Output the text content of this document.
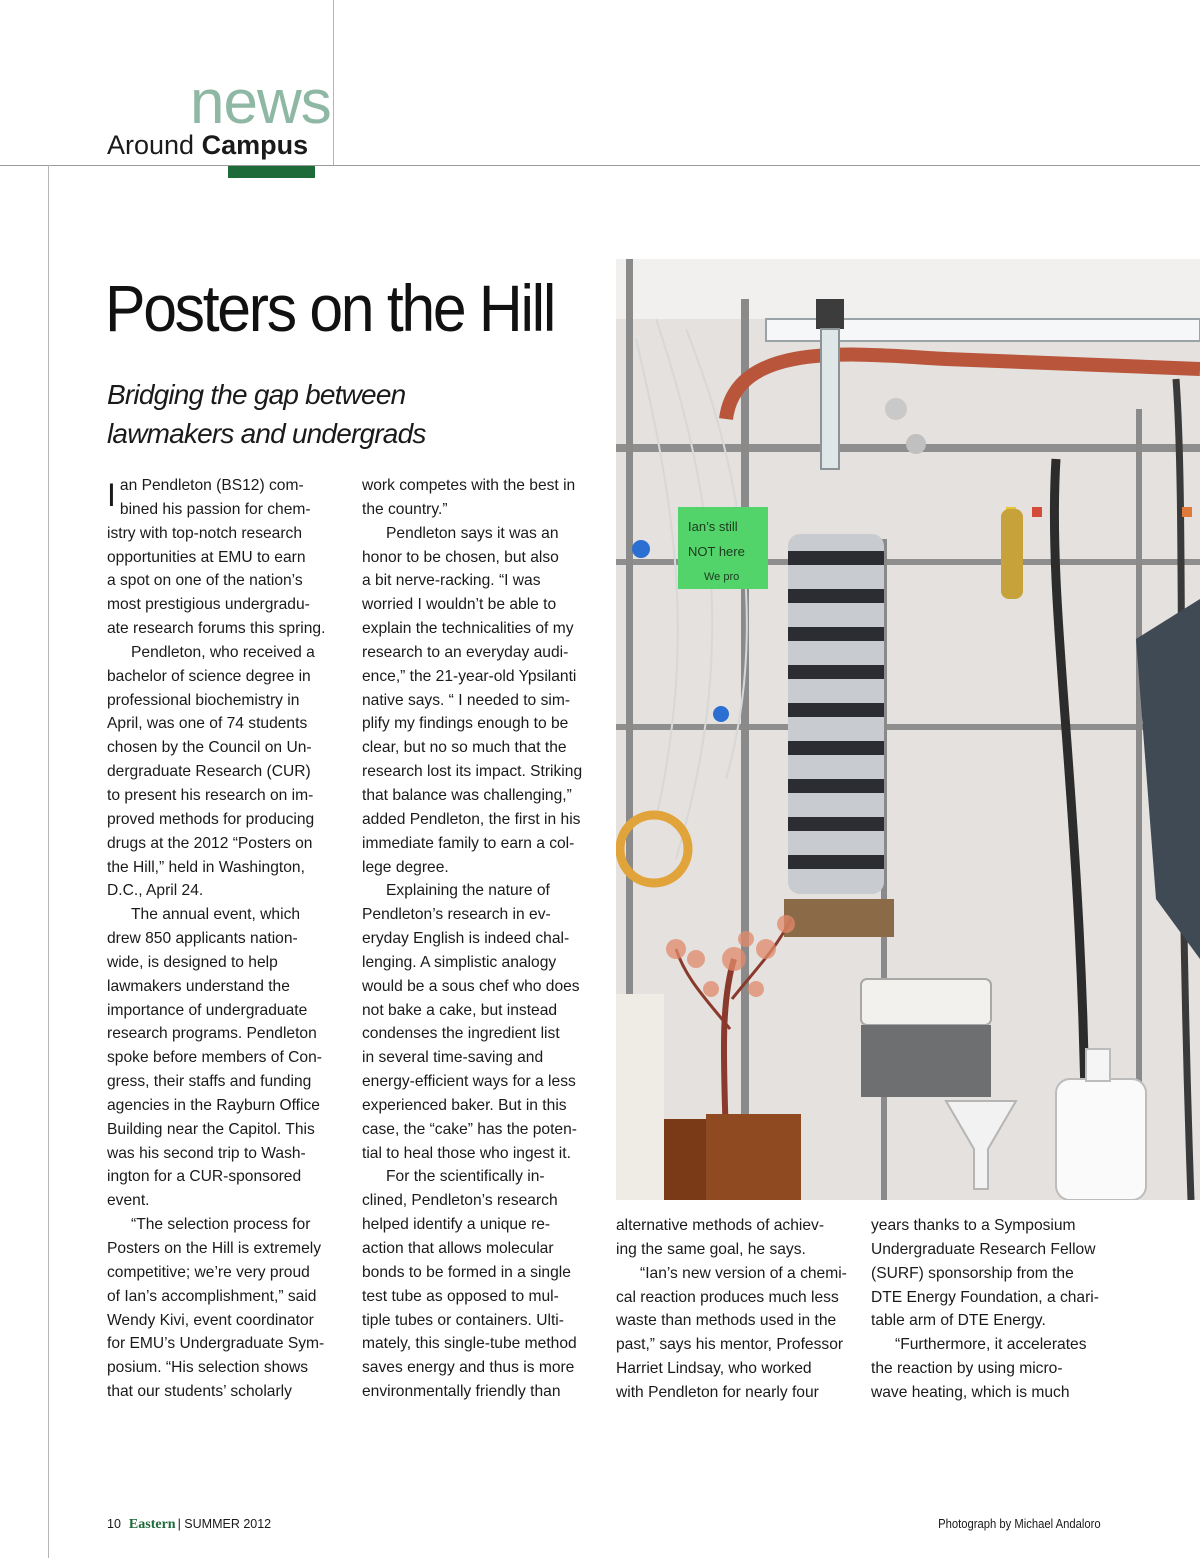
news
Around Campus
Posters on the Hill
Bridging the gap between lawmakers and undergrads
I an Pendleton (BS12) com-
bined his passion for chem-
istry with top-notch research
opportunities at EMU to earn
a spot on one of the nation’s
most prestigious undergradu-
ate research forums this spring.
Pendleton, who received a
bachelor of science degree in
professional biochemistry in
April, was one of 74 students
chosen by the Council on Un-
dergraduate Research (CUR)
to present his research on im-
proved methods for producing
drugs at the 2012 “Posters on
the Hill,” held in Washington,
D.C., April 24.
The annual event, which
drew 850 applicants nation-
wide, is designed to help
lawmakers understand the
importance of undergraduate
research programs. Pendleton
spoke before members of Con-
gress, their staffs and funding
agencies in the Rayburn Office
Building near the Capitol. This
was his second trip to Wash-
ington for a CUR-sponsored
event.
“The selection process for
Posters on the Hill is extremely
competitive; we’re very proud
of Ian’s accomplishment,” said
Wendy Kivi, event coordinator
for EMU’s Undergraduate Sym-
posium. “His selection shows
that our students’ scholarly
work competes with the best in
the country.”
Pendleton says it was an
honor to be chosen, but also
a bit nerve-racking. “I was
worried I wouldn’t be able to
explain the technicalities of my
research to an everyday audi-
ence,” the 21-year-old Ypsilanti
native says. “ I needed to sim-
plify my findings enough to be
clear, but no so much that the
research lost its impact. Striking
that balance was challenging,”
added Pendleton, the first in his
immediate family to earn a col-
lege degree.
Explaining the nature of
Pendleton’s research in ev-
eryday English is indeed chal-
lenging. A simplistic analogy
would be a sous chef who does
not bake a cake, but instead
condenses the ingredient list
in several time-saving and
energy-efficient ways for a less
experienced baker. But in this
case, the “cake” has the poten-
tial to heal those who ingest it.
For the scientifically in-
clined, Pendleton’s research
helped identify a unique re-
action that allows molecular
bonds to be formed in a single
test tube as opposed to mul-
tiple tubes or containers. Ulti-
mately, this single-tube method
saves energy and thus is more
environmentally friendly than
alternative methods of achiev-
ing the same goal, he says.
“Ian’s new version of a chemi-
cal reaction produces much less
waste than methods used in the
past,” says his mentor, Professor
Harriet Lindsay, who worked
with Pendleton for nearly four
years thanks to a Symposium
Undergraduate Research Fellow
(SURF) sponsorship from the
DTE Energy Foundation, a chari-
table arm of DTE Energy.
“Furthermore, it accelerates
the reaction by using micro-
wave heating, which is much
Ian’s still
NOT here
We pro
10 Eastern | SUMMER 2012	Photograph by Michael Andaloro
